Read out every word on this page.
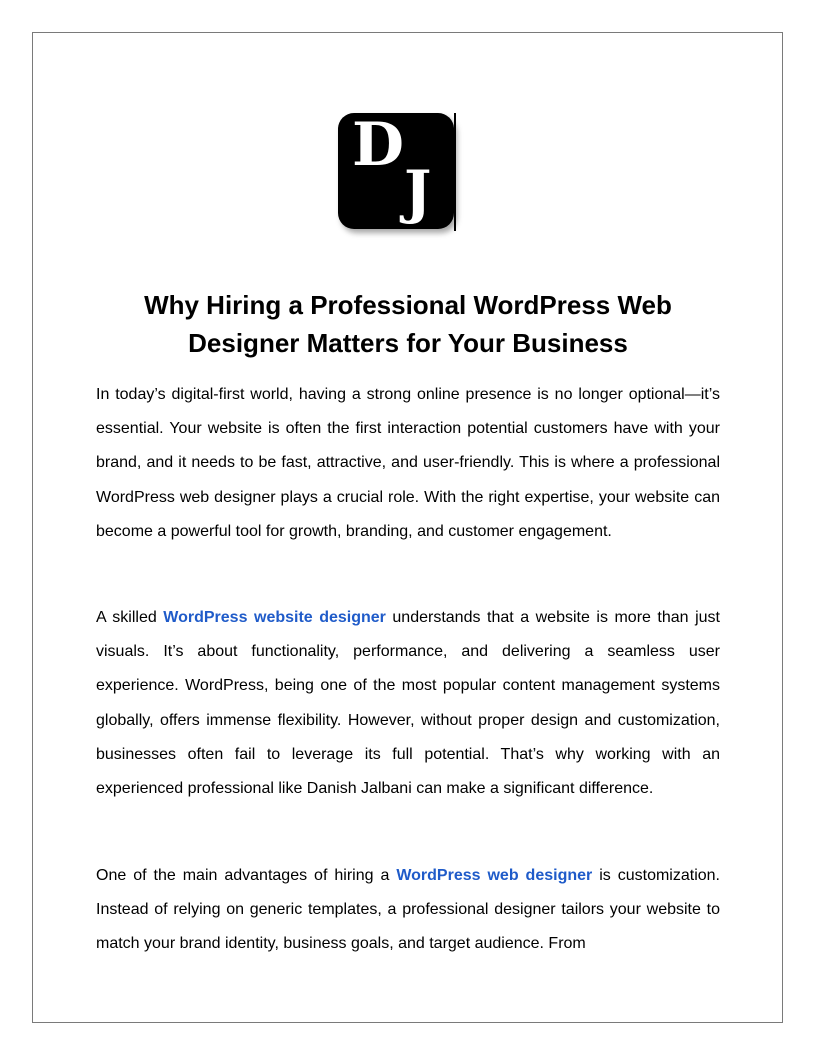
D
J
Why Hiring a Professional WordPress Web Designer Matters for Your Business

In today’s digital-first world, having a strong online presence is no longer optional—it’s essential. Your website is often the first interaction potential customers have with your brand, and it needs to be fast, attractive, and user-friendly. This is where a professional WordPress web designer plays a crucial role. With the right expertise, your website can become a powerful tool for growth, branding, and customer engagement.

A skilled WordPress website designer understands that a website is more than just visuals. It’s about functionality, performance, and delivering a seamless user experience. WordPress, being one of the most popular content management systems globally, offers immense flexibility. However, without proper design and customization, businesses often fail to leverage its full potential. That’s why working with an experienced professional like Danish Jalbani can make a significant difference.

One of the main advantages of hiring a WordPress web designer is customization. Instead of relying on generic templates, a professional designer tailors your website to match your brand identity, business goals, and target audience. From
